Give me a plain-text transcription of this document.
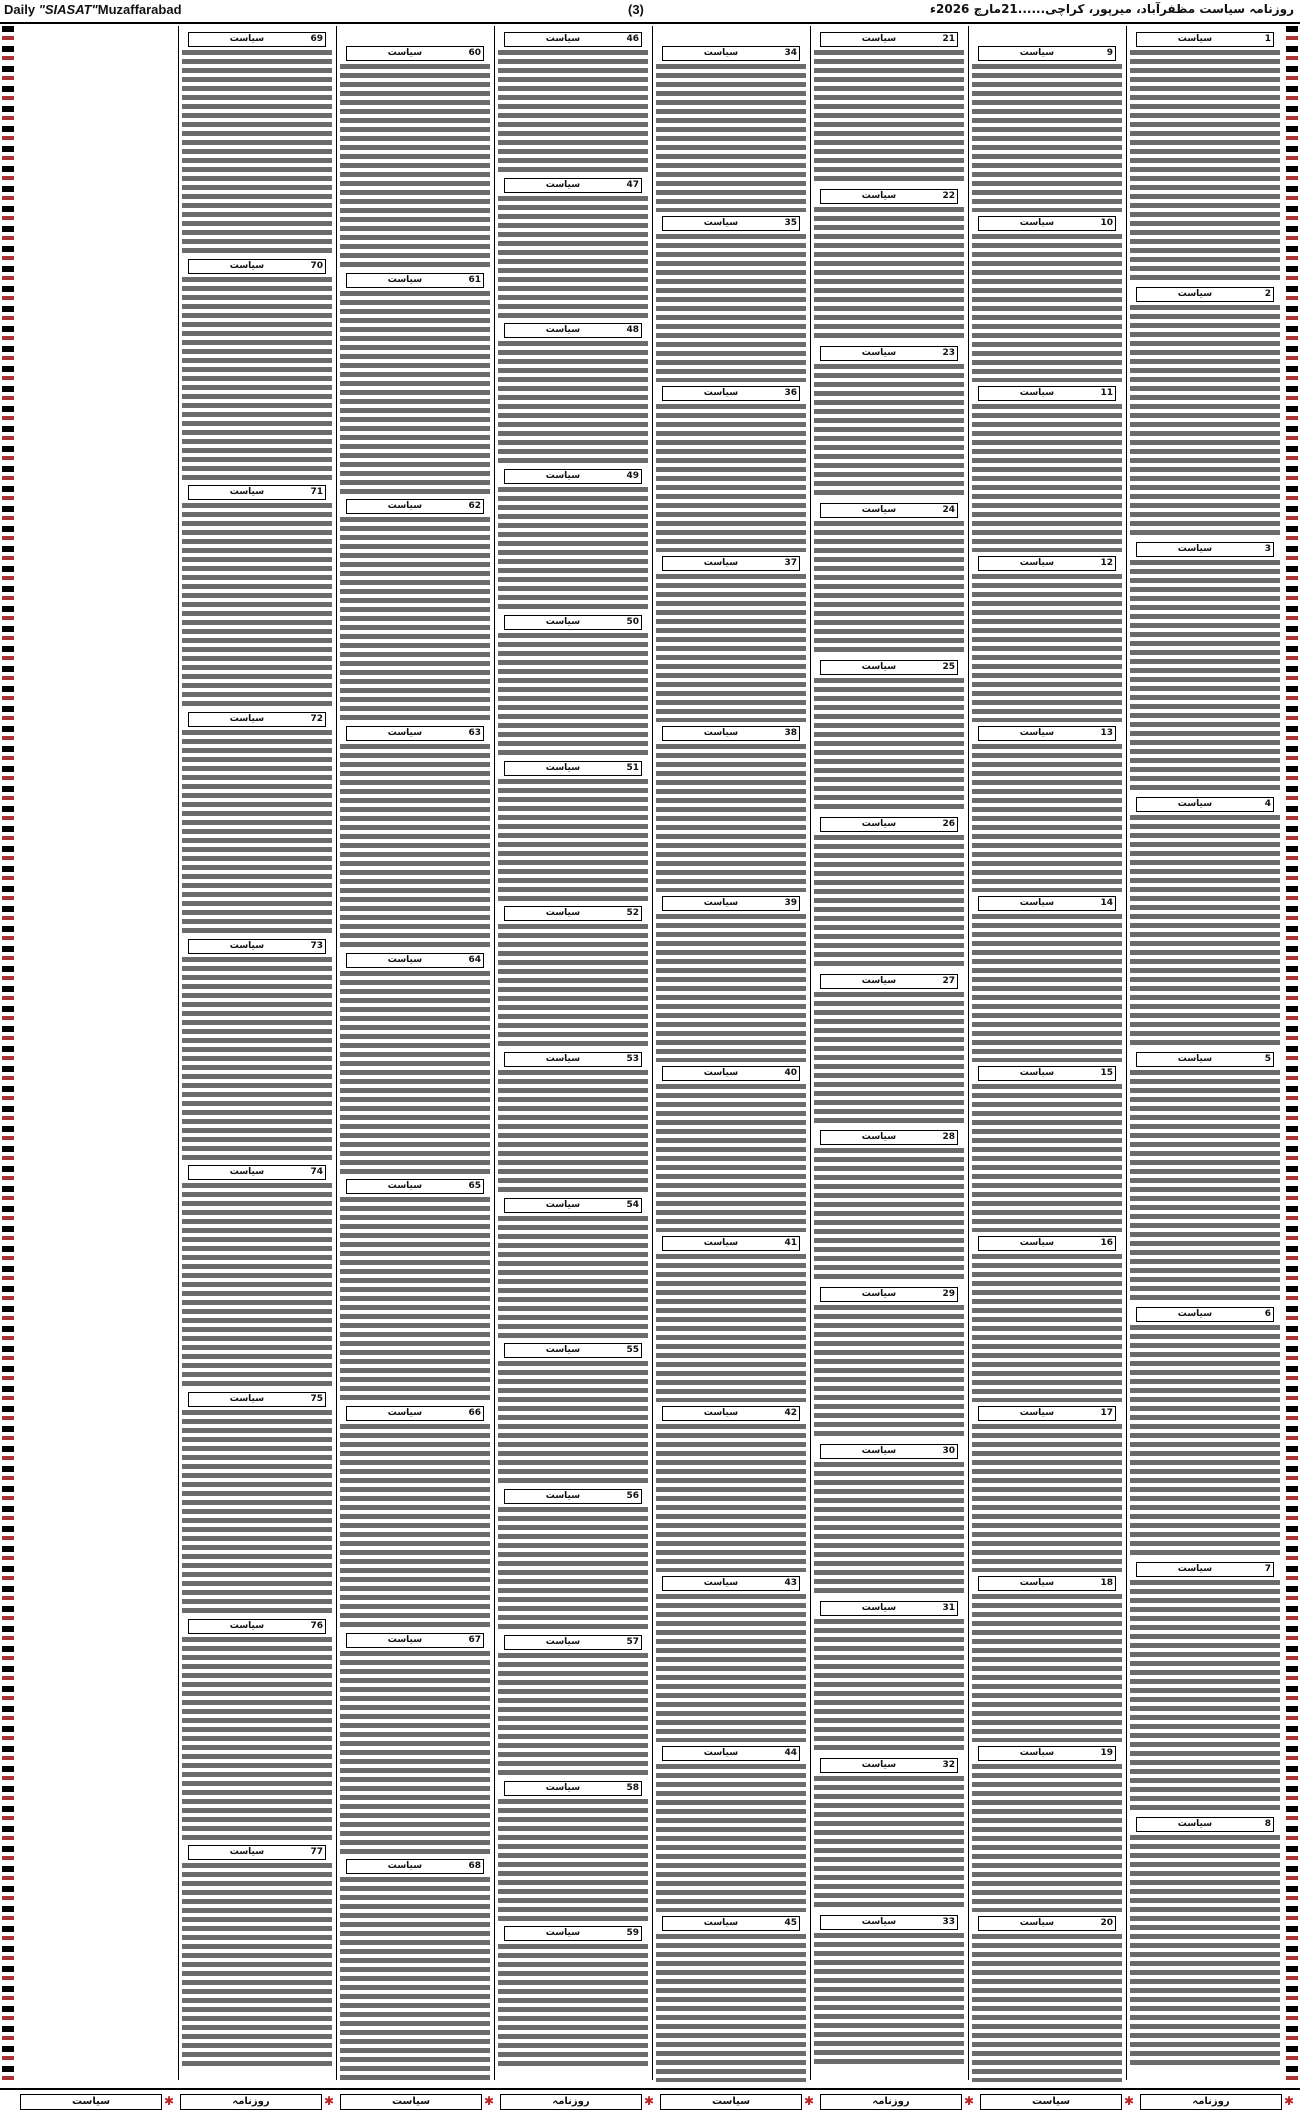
Daily "SIASAT"Muzaffarabad	(3)	روزنامہ سیاست مظفرآباد، میرپور، کراچی......21مارچ 2026ء
1
سیاست
2
سیاست
3
سیاست
4
سیاست
5
سیاست
6
سیاست
7
سیاست
8
سیاست
9
سیاست
10
سیاست
11
سیاست
12
سیاست
13
سیاست
14
سیاست
15
سیاست
16
سیاست
17
سیاست
18
سیاست
19
سیاست
20
سیاست
21
سیاست
22
سیاست
23
سیاست
24
سیاست
25
سیاست
26
سیاست
27
سیاست
28
سیاست
29
سیاست
30
سیاست
31
سیاست
32
سیاست
33
سیاست
34
سیاست
35
سیاست
36
سیاست
37
سیاست
38
سیاست
39
سیاست
40
سیاست
41
سیاست
42
سیاست
43
سیاست
44
سیاست
45
سیاست
46
سیاست
47
سیاست
48
سیاست
49
سیاست
50
سیاست
51
سیاست
52
سیاست
53
سیاست
54
سیاست
55
سیاست
56
سیاست
57
سیاست
58
سیاست
59
سیاست
60
سیاست
61
سیاست
62
سیاست
63
سیاست
64
سیاست
65
سیاست
66
سیاست
67
سیاست
68
سیاست
69
سیاست
70
سیاست
71
سیاست
72
سیاست
73
سیاست
74
سیاست
75
سیاست
76
سیاست
77
سیاست
سیاست	✱	روزنامہ	✱	سیاست	✱	روزنامہ	✱	سیاست	✱	روزنامہ	✱	سیاست	✱	روزنامہ	✱
